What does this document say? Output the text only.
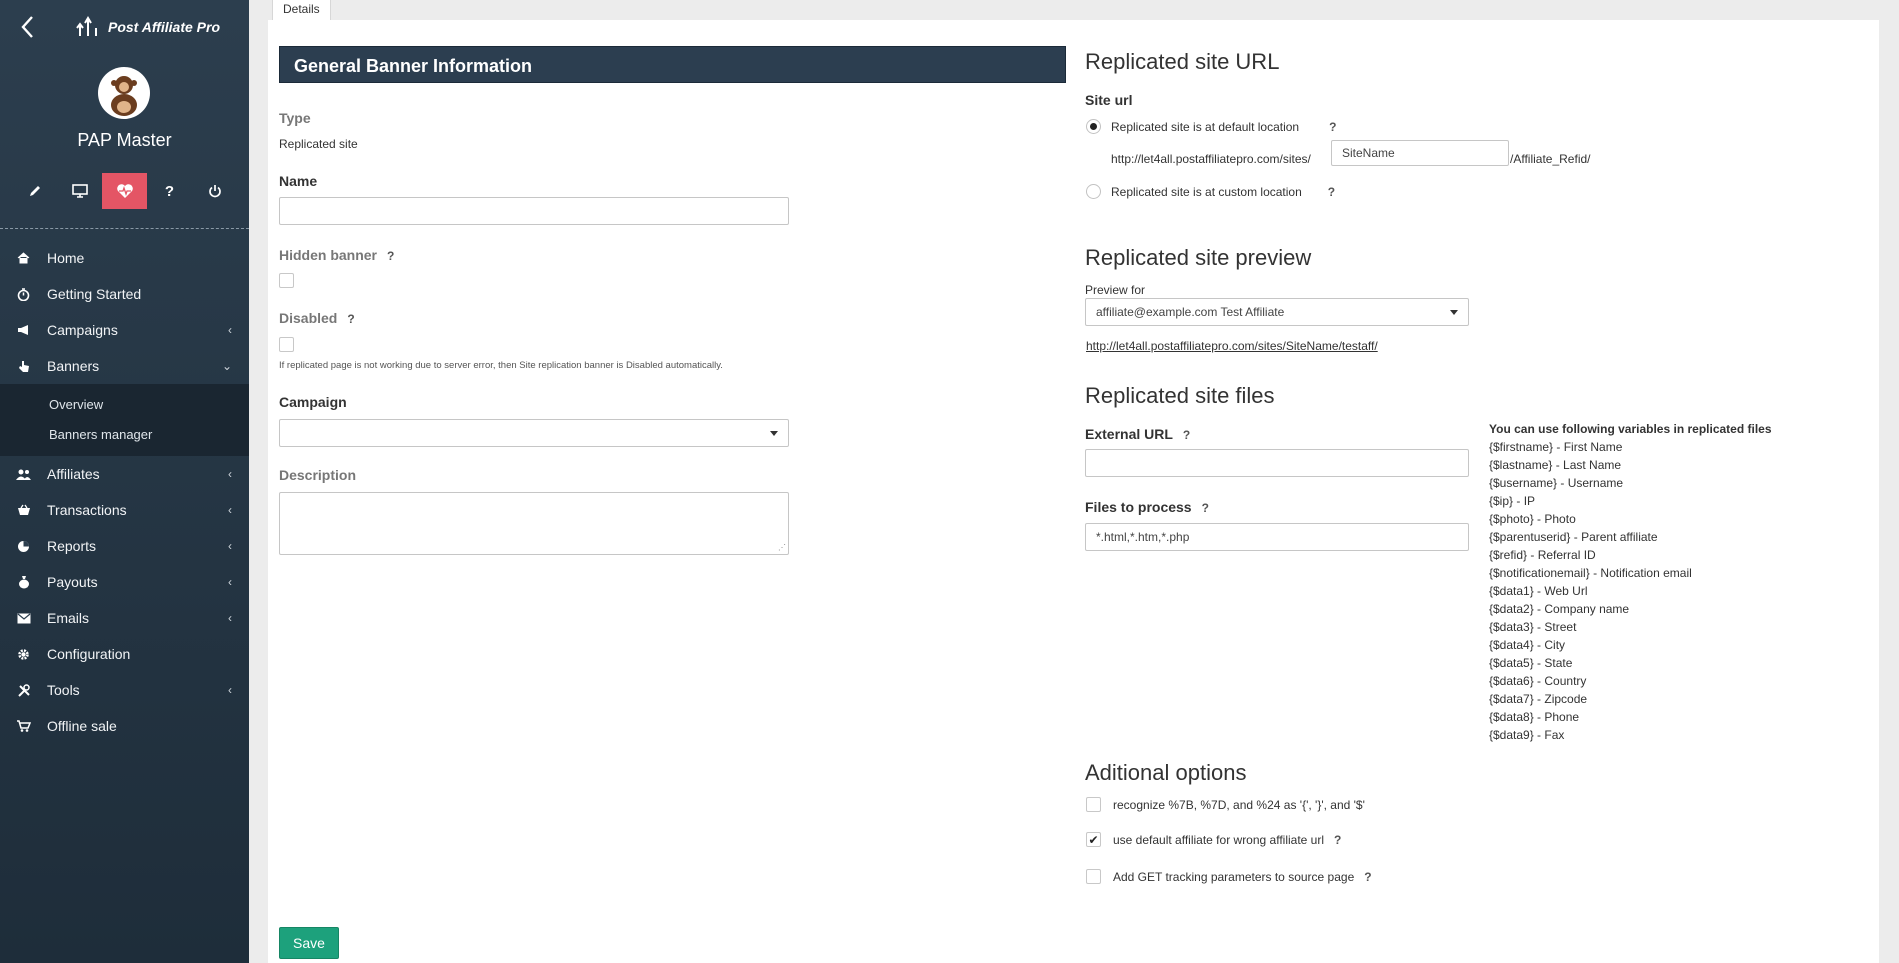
Post Affiliate Pro
PAP Master
?
Home
Getting Started
Campaigns	‹
Banners	⌄
Overview
Banners manager
Affiliates	‹
Transactions	‹
Reports	‹
Payouts	‹
Emails	‹
Configuration
Tools	‹
Offline sale
Details
General Banner Information
Type
Replicated site
Name
Hidden banner ?
Disabled ?
If replicated page is not working due to server error, then Site replication banner is Disabled automatically.
Campaign
Description
⋰
Save
Replicated site URL
Site url
Replicated site is at default location	?
http://let4all.postaffiliatepro.com/sites/	SiteName	/Affiliate_Refid/
Replicated site is at custom location ?
Replicated site preview
Preview for
affiliate@example.com Test Affiliate
http://let4all.postaffiliatepro.com/sites/SiteName/testaff/
Replicated site files
External URL ?
Files to process ?
*.html,*.htm,*.php
You can use following variables in replicated files
{$firstname} - First Name
{$lastname} - Last Name
{$username} - Username
{$ip} - IP
{$photo} - Photo
{$parentuserid} - Parent affiliate
{$refid} - Referral ID
{$notificationemail} - Notification email
{$data1} - Web Url
{$data2} - Company name
{$data3} - Street
{$data4} - City
{$data5} - State
{$data6} - Country
{$data7} - Zipcode
{$data8} - Phone
{$data9} - Fax
Aditional options
recognize %7B, %7D, and %24 as '{', '}', and '$'
✔ use default affiliate for wrong affiliate url ?
Add GET tracking parameters to source page ?
